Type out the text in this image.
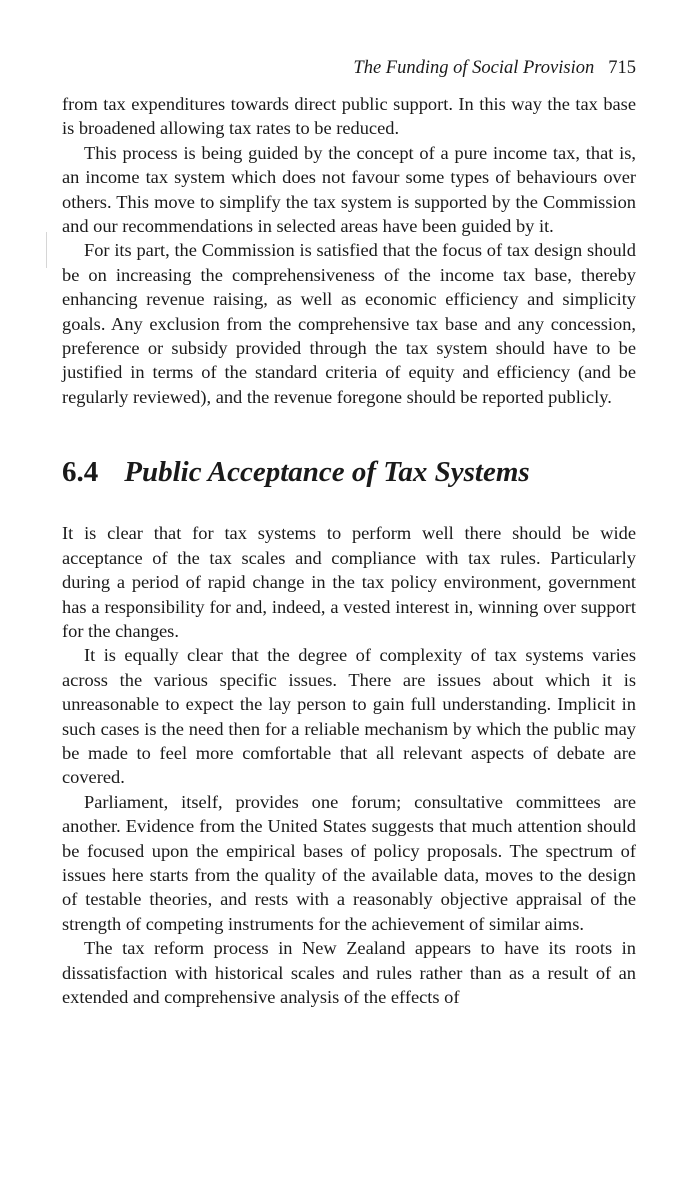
The Funding of Social Provision 715

from tax expenditures towards direct public support. In this way the tax base is broadened allowing tax rates to be reduced.

This process is being guided by the concept of a pure income tax, that is, an income tax system which does not favour some types of behaviours over others. This move to simplify the tax system is supported by the Commission and our recommendations in selected areas have been guided by it.

For its part, the Commission is satisfied that the focus of tax design should be on increasing the comprehensiveness of the income tax base, thereby enhancing revenue raising, as well as economic efficiency and simplicity goals. Any exclusion from the comprehensive tax base and any concession, preference or subsidy provided through the tax system should have to be justified in terms of the standard criteria of equity and efficiency (and be regularly reviewed), and the revenue foregone should be reported publicly.

6.4 Public Acceptance of Tax Systems

It is clear that for tax systems to perform well there should be wide acceptance of the tax scales and compliance with tax rules. Particularly during a period of rapid change in the tax policy environment, government has a responsibility for and, indeed, a vested interest in, winning over support for the changes.

It is equally clear that the degree of complexity of tax systems varies across the various specific issues. There are issues about which it is unreasonable to expect the lay person to gain full understanding. Implicit in such cases is the need then for a reliable mechanism by which the public may be made to feel more comfortable that all relevant aspects of debate are covered.

Parliament, itself, provides one forum; consultative committees are another. Evidence from the United States suggests that much attention should be focused upon the empirical bases of policy proposals. The spectrum of issues here starts from the quality of the available data, moves to the design of testable theories, and rests with a reasonably objective appraisal of the strength of competing instruments for the achievement of similar aims.

The tax reform process in New Zealand appears to have its roots in dissatisfaction with historical scales and rules rather than as a result of an extended and comprehensive analysis of the effects of
